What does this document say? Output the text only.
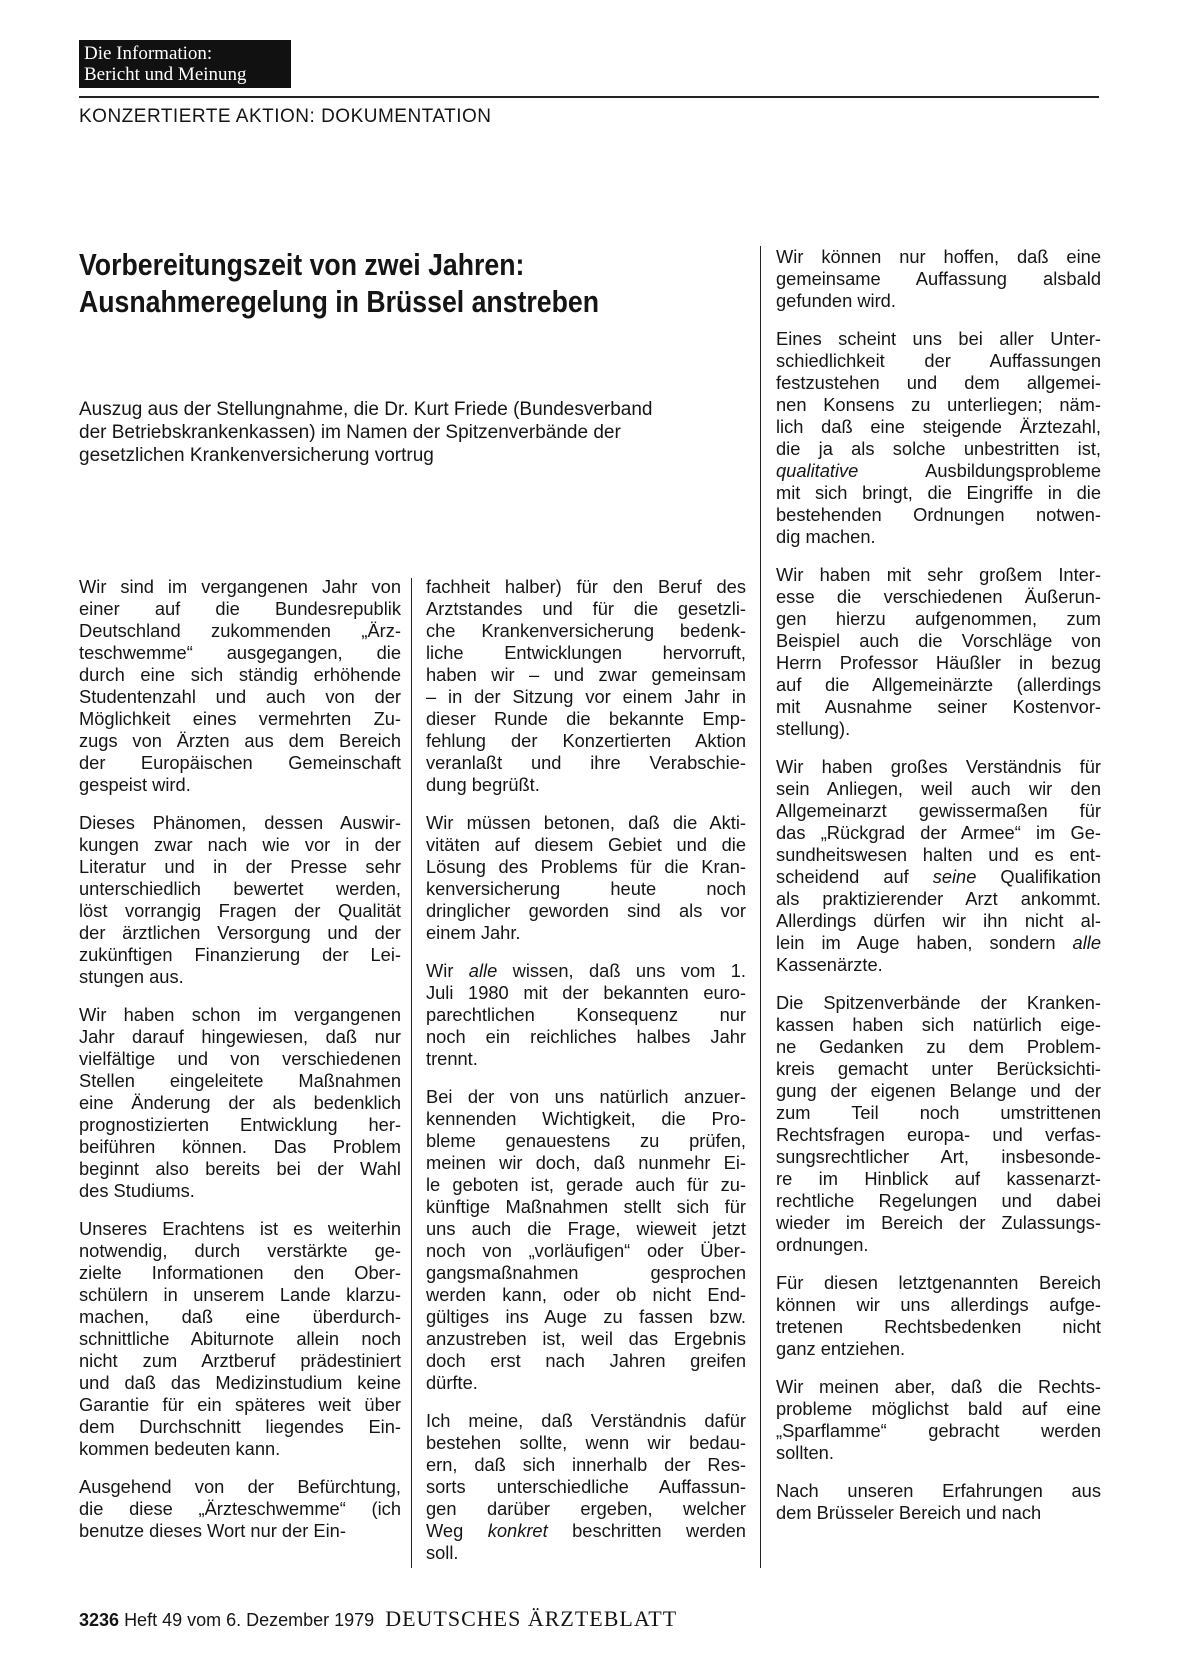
Die Information:
Bericht und Meinung
KONZERTIERTE AKTION: DOKUMENTATION
Vorbereitungszeit von zwei Jahren:
Ausnahmeregelung in Brüssel anstreben
Auszug aus der Stellungnahme, die Dr. Kurt Friede (Bundesverband
der Betriebskrankenkassen) im Namen der Spitzenverbände der
gesetzlichen Krankenversicherung vortrug

Wir sind im vergangenen Jahr von
einer auf die Bundesrepublik
Deutschland zukommenden „Ärz-
teschwemme“ ausgegangen, die
durch eine sich ständig erhöhende
Studentenzahl und auch von der
Möglichkeit eines vermehrten Zu-
zugs von Ärzten aus dem Bereich
der Europäischen Gemeinschaft
gespeist wird.

Dieses Phänomen, dessen Auswir-
kungen zwar nach wie vor in der
Literatur und in der Presse sehr
unterschiedlich bewertet werden,
löst vorrangig Fragen der Qualität
der ärztlichen Versorgung und der
zukünftigen Finanzierung der Lei-
stungen aus.

Wir haben schon im vergangenen
Jahr darauf hingewiesen, daß nur
vielfältige und von verschiedenen
Stellen eingeleitete Maßnahmen
eine Änderung der als bedenklich
prognostizierten Entwicklung her-
beiführen können. Das Problem
beginnt also bereits bei der Wahl
des Studiums.

Unseres Erachtens ist es weiterhin
notwendig, durch verstärkte ge-
zielte Informationen den Ober-
schülern in unserem Lande klarzu-
machen, daß eine überdurch-
schnittliche Abiturnote allein noch
nicht zum Arztberuf prädestiniert
und daß das Medizinstudium keine
Garantie für ein späteres weit über
dem Durchschnitt liegendes Ein-
kommen bedeuten kann.

Ausgehend von der Befürchtung,
die diese „Ärzteschwemme“ (ich
benutze dieses Wort nur der Ein-

fachheit halber) für den Beruf des
Arztstandes und für die gesetzli-
che Krankenversicherung bedenk-
liche Entwicklungen hervorruft,
haben wir – und zwar gemeinsam
– in der Sitzung vor einem Jahr in
dieser Runde die bekannte Emp-
fehlung der Konzertierten Aktion
veranlaßt und ihre Verabschie-
dung begrüßt.

Wir müssen betonen, daß die Akti-
vitäten auf diesem Gebiet und die
Lösung des Problems für die Kran-
kenversicherung heute noch
dringlicher geworden sind als vor
einem Jahr.

Wir alle wissen, daß uns vom 1.
Juli 1980 mit der bekannten euro-
parechtlichen Konsequenz nur
noch ein reichliches halbes Jahr
trennt.

Bei der von uns natürlich anzuer-
kennenden Wichtigkeit, die Pro-
bleme genauestens zu prüfen,
meinen wir doch, daß nunmehr Ei-
le geboten ist, gerade auch für zu-
künftige Maßnahmen stellt sich für
uns auch die Frage, wieweit jetzt
noch von „vorläufigen“ oder Über-
gangsmaßnahmen gesprochen
werden kann, oder ob nicht End-
gültiges ins Auge zu fassen bzw.
anzustreben ist, weil das Ergebnis
doch erst nach Jahren greifen
dürfte.

Ich meine, daß Verständnis dafür
bestehen sollte, wenn wir bedau-
ern, daß sich innerhalb der Res-
sorts unterschiedliche Auffassun-
gen darüber ergeben, welcher
Weg konkret beschritten werden
soll.

Wir können nur hoffen, daß eine
gemeinsame Auffassung alsbald
gefunden wird.

Eines scheint uns bei aller Unter-
schiedlichkeit der Auffassungen
festzustehen und dem allgemei-
nen Konsens zu unterliegen; näm-
lich daß eine steigende Ärztezahl,
die ja als solche unbestritten ist,
qualitative	Ausbildungsprobleme
mit sich bringt, die Eingriffe in die
bestehenden Ordnungen notwen-
dig machen.

Wir haben mit sehr großem Inter-
esse die verschiedenen Äußerun-
gen hierzu aufgenommen, zum
Beispiel auch die Vorschläge von
Herrn Professor Häußler in bezug
auf die Allgemeinärzte (allerdings
mit Ausnahme seiner Kostenvor-
stellung).

Wir haben großes Verständnis für
sein Anliegen, weil auch wir den
Allgemeinarzt gewissermaßen für
das „Rückgrad der Armee“ im Ge-
sundheitswesen halten und es ent-
scheidend auf seine Qualifikation
als praktizierender Arzt ankommt.
Allerdings dürfen wir ihn nicht al-
lein im Auge haben, sondern alle
Kassenärzte.

Die Spitzenverbände der Kranken-
kassen haben sich natürlich eige-
ne Gedanken zu dem Problem-
kreis gemacht unter Berücksichti-
gung der eigenen Belange und der
zum Teil noch umstrittenen
Rechtsfragen europa- und verfas-
sungsrechtlicher Art, insbesonde-
re im Hinblick auf kassenarzt-
rechtliche Regelungen und dabei
wieder im Bereich der Zulassungs-
ordnungen.

Für diesen letztgenannten Bereich
können wir uns allerdings aufge-
tretenen Rechtsbedenken nicht
ganz entziehen.

Wir meinen aber, daß die Rechts-
probleme möglichst bald auf eine
„Sparflamme“ gebracht werden
sollten.

Nach unseren Erfahrungen aus
dem Brüsseler Bereich und nach

3236 Heft 49 vom 6. Dezember 1979 DEUTSCHES ÄRZTEBLATT
